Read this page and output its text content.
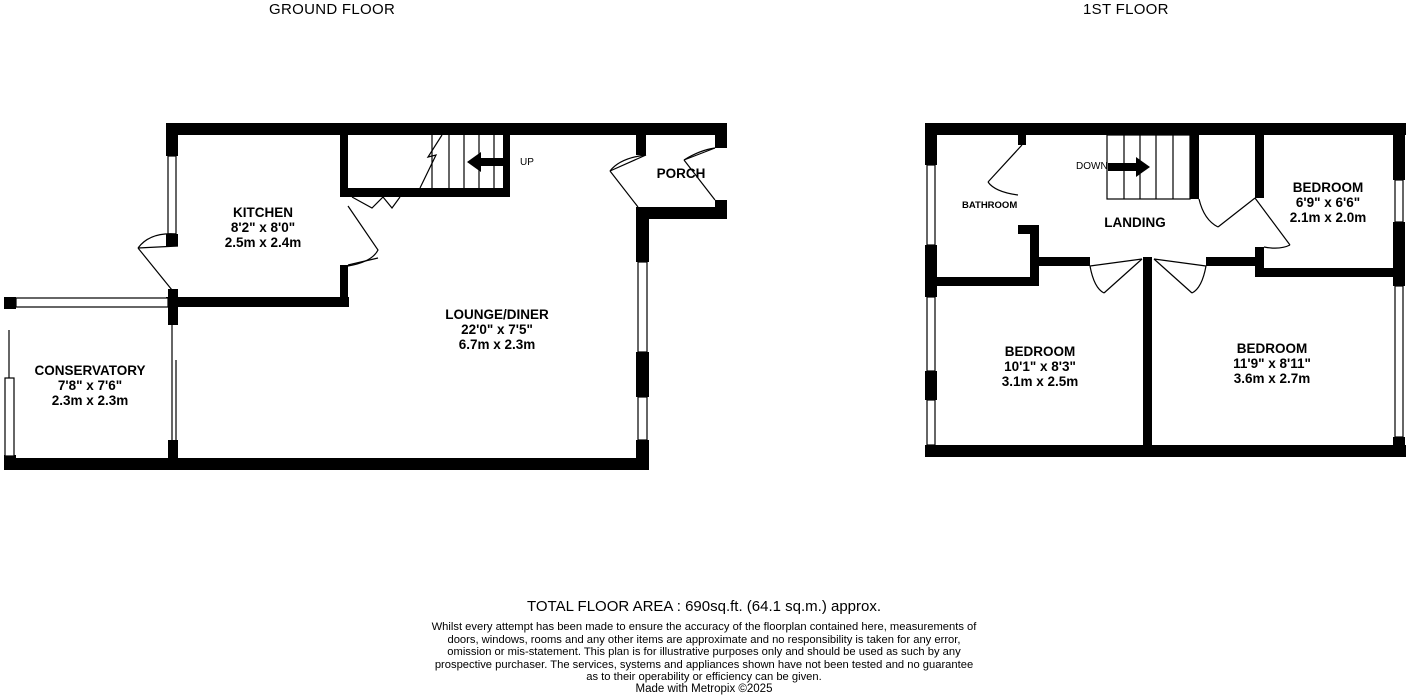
GROUND FLOOR	1ST FLOOR
KITCHEN
8'2" x 8'0"
2.5m x 2.4m
LOUNGE/DINER
22'0" x 7'5"
6.7m x 2.3m
CONSERVATORY
7'8" x 7'6"
2.3m x 2.3m
PORCH
UP
BEDROOM
6'9" x 6'6"
2.1m x 2.0m
BEDROOM
10'1" x 8'3"
3.1m x 2.5m
BEDROOM
11'9" x 8'11"
3.6m x 2.7m
LANDING
BATHROOM
DOWN
TOTAL FLOOR AREA : 690sq.ft. (64.1 sq.m.) approx.
Whilst every attempt has been made to ensure the accuracy of the floorplan contained here, measurements of doors, windows, rooms and any other items are approximate and no responsibility is taken for any error, omission or mis-statement. This plan is for illustrative purposes only and should be used as such by any prospective purchaser. The services, systems and appliances shown have not been tested and no guarantee as to their operability or efficiency can be given.
Made with Metropix ©2025
